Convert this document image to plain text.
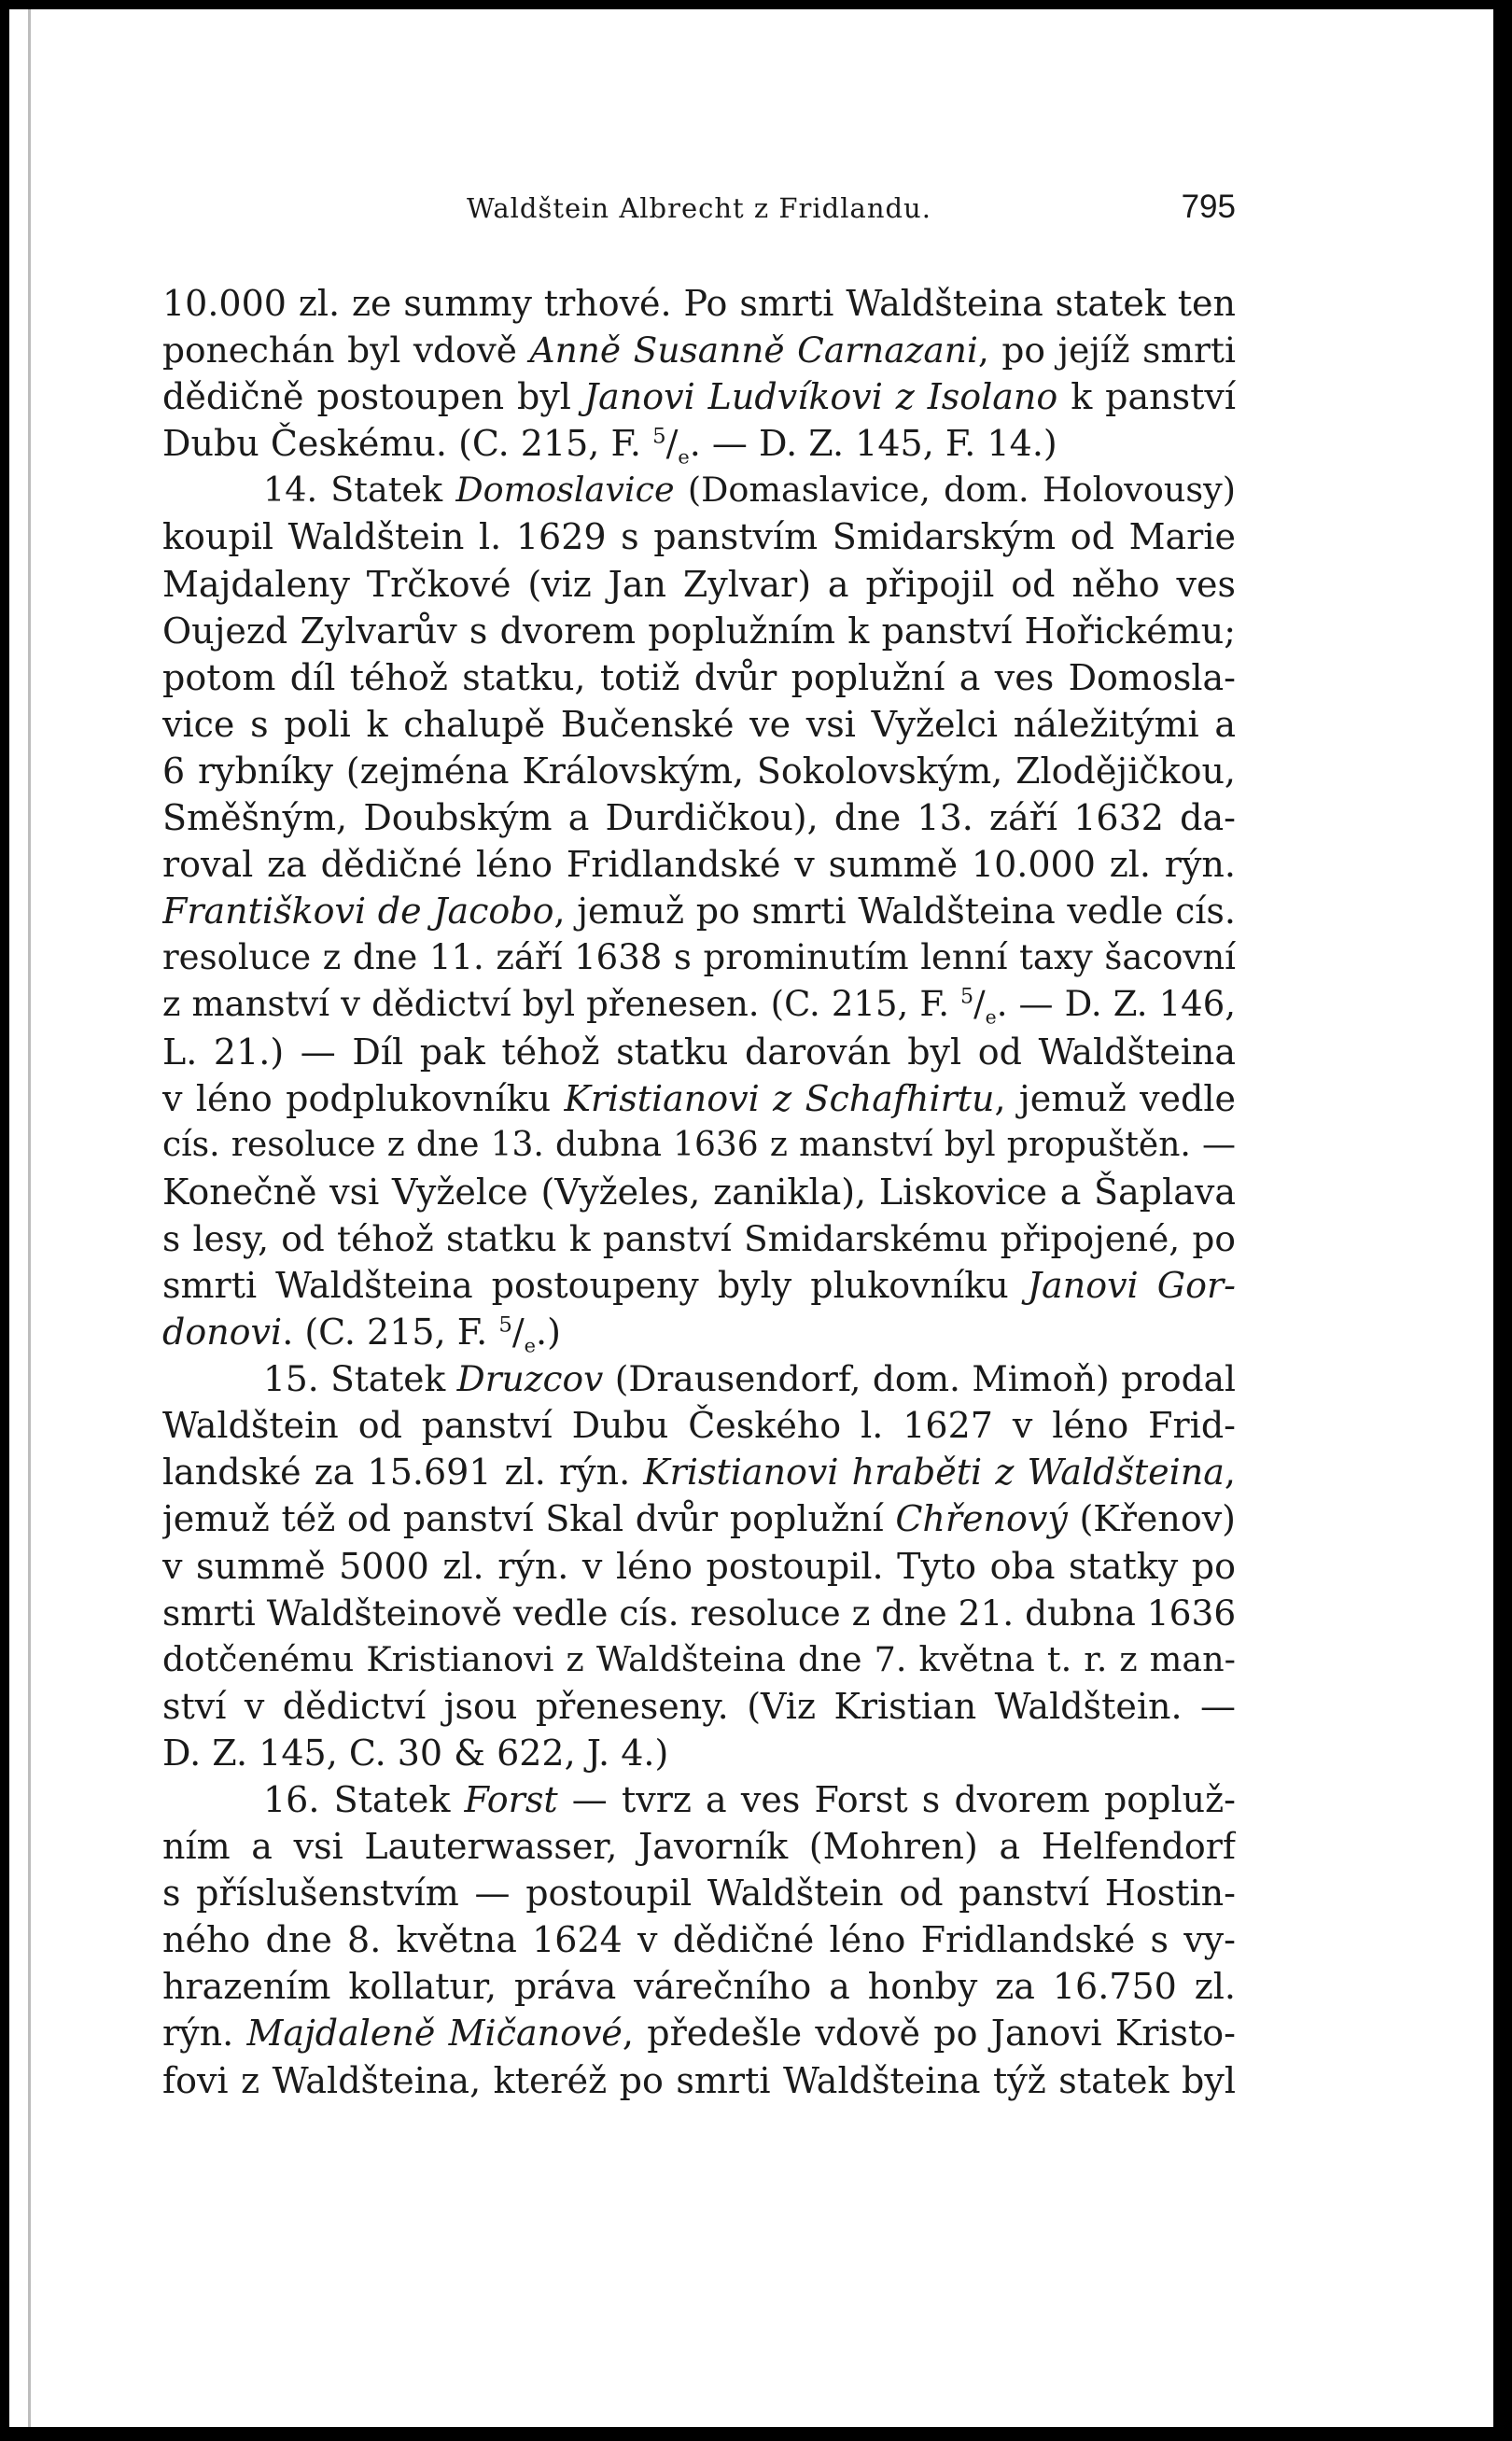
Waldštein Albrecht z Fridlandu.	795
10.000 zl. ze summy trhové. Po smrti Waldšteina statek ten
ponechán byl vdově Anně Susanně Carnazani, po jejíž smrti
dědičně postoupen byl Janovi Ludvíkovi z Isolano k panství
Dubu Českému. (C. 215, F. $^5/_e$. — D. Z. 145, F. 14.)
14. Statek Domoslavice (Domaslavice, dom. Holovousy)
koupil Waldštein l. 1629 s panstvím Smidarským od Marie
Majdaleny Trčkové (viz Jan Zylvar) a připojil od něho ves
Oujezd Zylvarův s dvorem poplužním k panství Hořickému;
potom díl téhož statku, totiž dvůr poplužní a ves Domosla-
vice s poli k chalupě Bučenské ve vsi Vyželci náležitými a
6 rybníky (zejména Královským, Sokolovským, Zlodějičkou,
Směšným, Doubským a Durdičkou), dne 13. září 1632 da-
roval za dědičné léno Fridlandské v summě 10.000 zl. rýn.
Františkovi de Jacobo, jemuž po smrti Waldšteina vedle cís.
resoluce z dne 11. září 1638 s prominutím lenní taxy šacovní
z manství v dědictví byl přenesen. (C. 215, F. $^5/_e$. — D. Z. 146,
L. 21.) — Díl pak téhož statku darován byl od Waldšteina
v léno podplukovníku Kristianovi z Schafhirtu, jemuž vedle
cís. resoluce z dne 13. dubna 1636 z manství byl propuštěn. —
Konečně vsi Vyželce (Vyželes, zanikla), Liskovice a Šaplava
s lesy, od téhož statku k panství Smidarskému připojené, po
smrti Waldšteina postoupeny byly plukovníku Janovi Gor-
donovi. (C. 215, F. $^5/_e$.)
15. Statek Druzcov (Drausendorf, dom. Mimoň) prodal
Waldštein od panství Dubu Českého l. 1627 v léno Frid-
landské za 15.691 zl. rýn. Kristianovi hraběti z Waldšteina,
jemuž též od panství Skal dvůr poplužní Chřenový (Křenov)
v summě 5000 zl. rýn. v léno postoupil. Tyto oba statky po
smrti Waldšteinově vedle cís. resoluce z dne 21. dubna 1636
dotčenému Kristianovi z Waldšteina dne 7. května t. r. z man-
ství v dědictví jsou přeneseny. (Viz Kristian Waldštein. —
D. Z. 145, C. 30 & 622, J. 4.)
16. Statek Forst — tvrz a ves Forst s dvorem popluž-
ním a vsi Lauterwasser, Javorník (Mohren) a Helfendorf
s příslušenstvím — postoupil Waldštein od panství Hostin-
ného dne 8. května 1624 v dědičné léno Fridlandské s vy-
hrazením kollatur, práva várečního a honby za 16.750 zl.
rýn. Majdaleně Mičanové, předešle vdově po Janovi Kristo-
fovi z Waldšteina, kteréž po smrti Waldšteina týž statek byl
